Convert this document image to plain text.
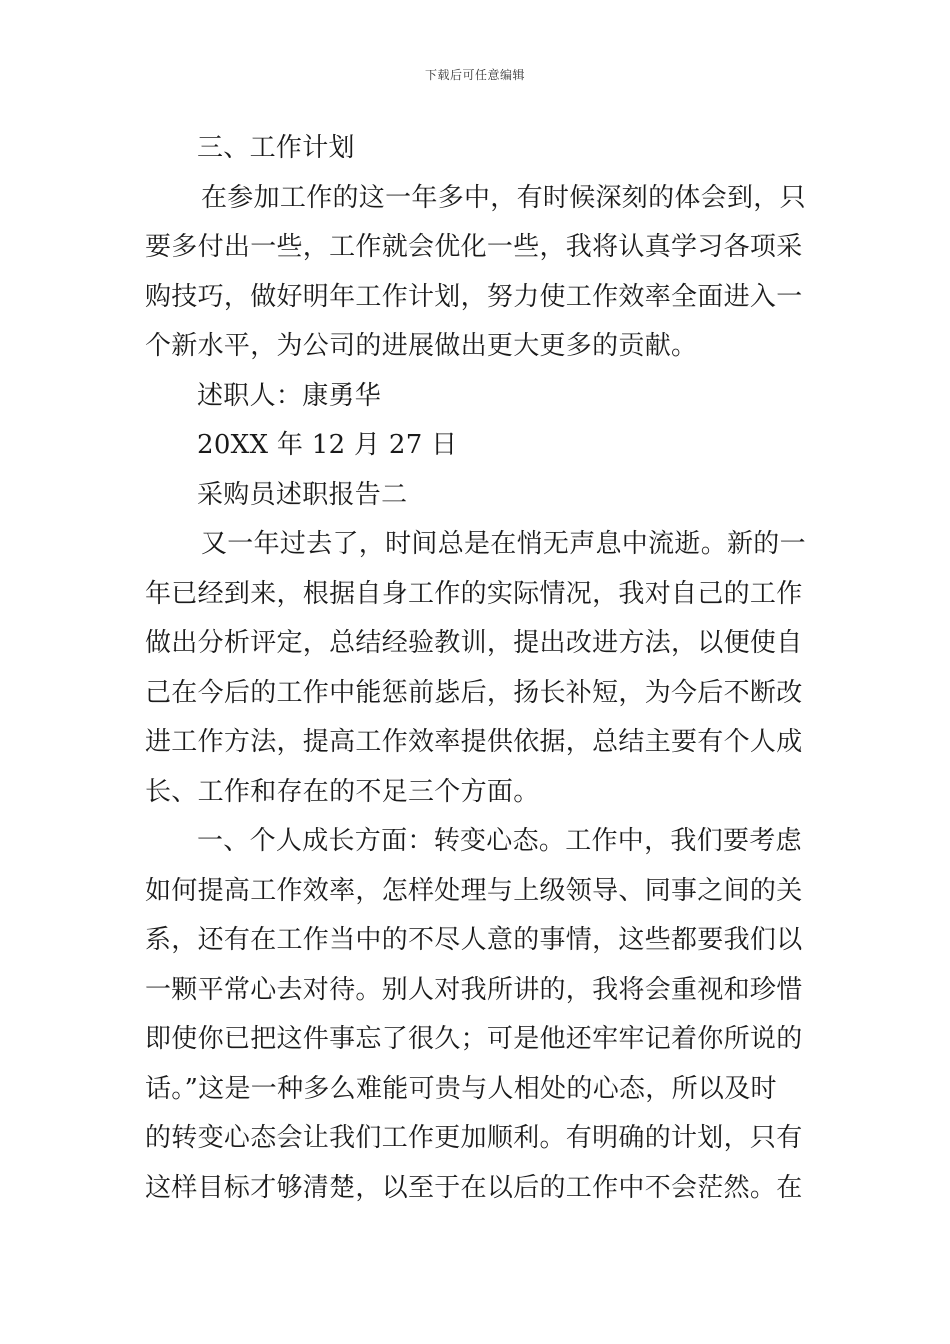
下载后可任意编辑
三、工作计划
在参加工作的这一年多中，有时候深刻的体会到，只
要多付出一些，工作就会优化一些，我将认真学习各项采
购技巧，做好明年工作计划，努力使工作效率全面进入一
个新水平，为公司的进展做出更大更多的贡献。
述职人：康勇华
20XX 年 12 月 27 日
采购员述职报告二
又一年过去了，时间总是在悄无声息中流逝。新的一
年已经到来，根据自身工作的实际情况，我对自己的工作
做出分析评定，总结经验教训，提出改进方法，以便使自
己在今后的工作中能惩前毖后，扬长补短，为今后不断改
进工作方法，提高工作效率提供依据，总结主要有个人成
长、工作和存在的不足三个方面。
一、个人成长方面：转变心态。工作中，我们要考虑
如何提高工作效率，怎样处理与上级领导、同事之间的关
系，还有在工作当中的不尽人意的事情，这些都要我们以
一颗平常心去对待。别人对我所讲的，我将会重视和珍惜
即使你已把这件事忘了很久；可是他还牢牢记着你所说的
话。”这是一种多么难能可贵与人相处的心态，所以及时
的转变心态会让我们工作更加顺利。有明确的计划，只有
这样目标才够清楚，以至于在以后的工作中不会茫然。在
